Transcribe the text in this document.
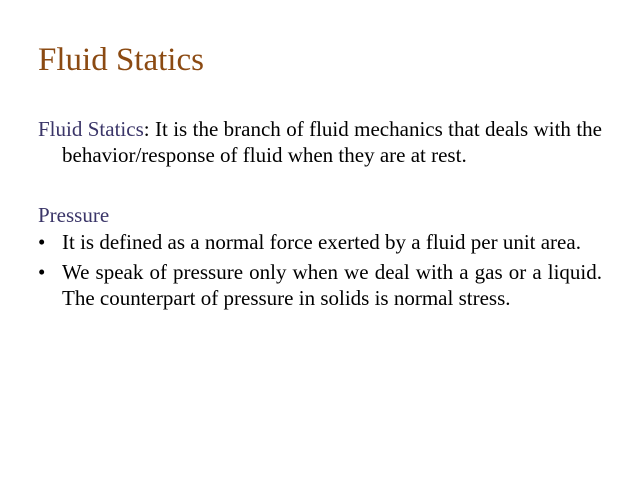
Fluid Statics

Fluid Statics: It is the branch of fluid mechanics that deals with the behavior/response of fluid when they are at rest.

Pressure

• It is defined as a normal force exerted by a fluid per unit area.
• We speak of pressure only when we deal with a gas or a liquid. The counterpart of pressure in solids is normal stress.
